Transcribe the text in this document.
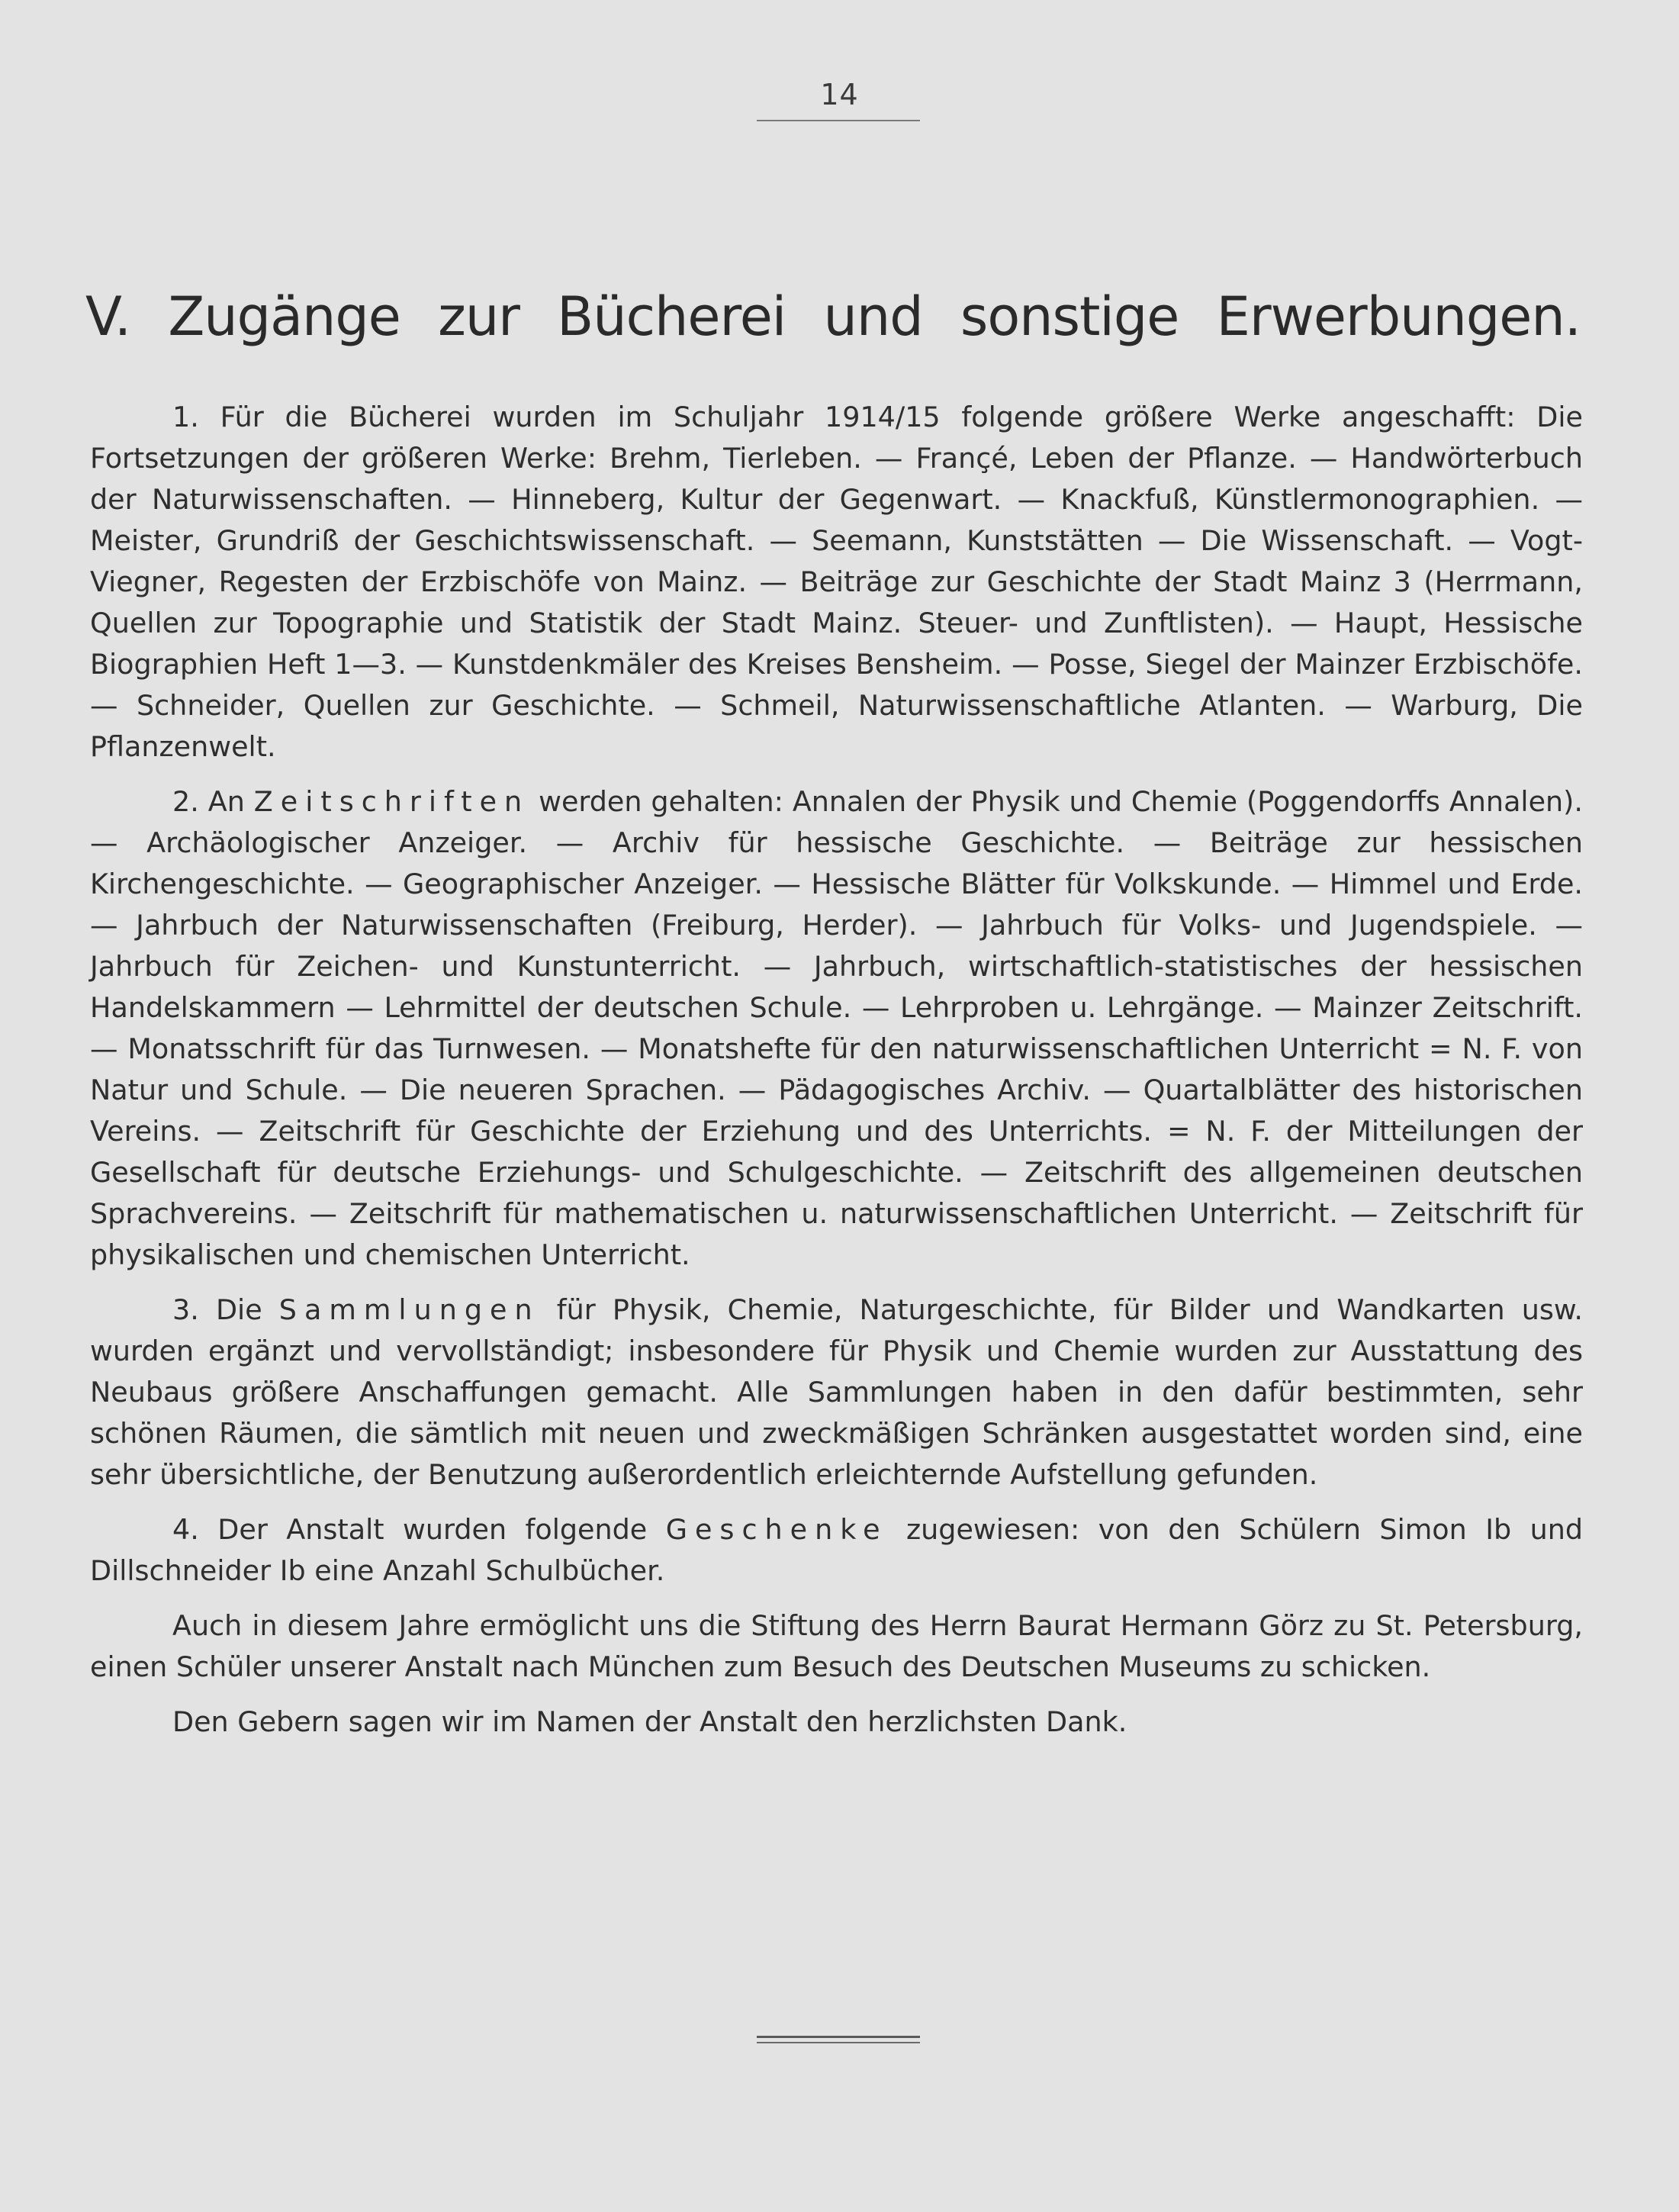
14
V. Zugänge zur Bücherei und sonstige Erwerbungen.

1. Für die Bücherei wurden im Schuljahr 1914/15 folgende größere Werke angeschafft: Die Fortsetzungen der größeren Werke: Brehm, Tierleben. — Françé, Leben der Pflanze. — Handwörterbuch der Naturwissenschaften. — Hinneberg, Kultur der Gegenwart. — Knackfuß, Künstlermonographien. — Meister, Grundriß der Geschichtswissenschaft. — Seemann, Kunststätten — Die Wissenschaft. — Vogt-Viegner, Regesten der Erzbischöfe von Mainz. — Beiträge zur Geschichte der Stadt Mainz 3 (Herrmann, Quellen zur Topographie und Statistik der Stadt Mainz. Steuer- und Zunftlisten). — Haupt, Hessische Biographien Heft 1—3. — Kunstdenkmäler des Kreises Bensheim. — Posse, Siegel der Mainzer Erzbischöfe. — Schneider, Quellen zur Geschichte. — Schmeil, Naturwissenschaftliche Atlanten. — Warburg, Die Pflanzenwelt.

2. An Zeitschriften werden gehalten: Annalen der Physik und Chemie (Poggendorffs Annalen). — Archäologischer Anzeiger. — Archiv für hessische Geschichte. — Beiträge zur hessischen Kirchengeschichte. — Geographischer Anzeiger. — Hessische Blätter für Volkskunde. — Himmel und Erde. — Jahrbuch der Naturwissenschaften (Freiburg, Herder). — Jahrbuch für Volks- und Jugendspiele. — Jahrbuch für Zeichen- und Kunstunterricht. — Jahrbuch, wirtschaftlich-statistisches der hessischen Handelskammern — Lehrmittel der deutschen Schule. — Lehrproben u. Lehrgänge. — Mainzer Zeitschrift. — Monatsschrift für das Turnwesen. — Monatshefte für den naturwissenschaftlichen Unterricht = N. F. von Natur und Schule. — Die neueren Sprachen. — Pädagogisches Archiv. — Quartalblätter des historischen Vereins. — Zeitschrift für Geschichte der Erziehung und des Unterrichts. = N. F. der Mitteilungen der Gesellschaft für deutsche Erziehungs- und Schulgeschichte. — Zeitschrift des allgemeinen deutschen Sprachvereins. — Zeitschrift für mathematischen u. naturwissenschaftlichen Unterricht. — Zeitschrift für physikalischen und chemischen Unterricht.

3. Die Sammlungen für Physik, Chemie, Naturgeschichte, für Bilder und Wandkarten usw. wurden ergänzt und vervollständigt; insbesondere für Physik und Chemie wurden zur Ausstattung des Neubaus größere Anschaffungen gemacht. Alle Sammlungen haben in den dafür bestimmten, sehr schönen Räumen, die sämtlich mit neuen und zweckmäßigen Schränken ausgestattet worden sind, eine sehr übersichtliche, der Benutzung außerordentlich erleichternde Aufstellung gefunden.

4. Der Anstalt wurden folgende Geschenke zugewiesen: von den Schülern Simon Ib und Dillschneider Ib eine Anzahl Schulbücher.

Auch in diesem Jahre ermöglicht uns die Stiftung des Herrn Baurat Hermann Görz zu St. Petersburg, einen Schüler unserer Anstalt nach München zum Besuch des Deutschen Museums zu schicken.

Den Gebern sagen wir im Namen der Anstalt den herzlichsten Dank.
